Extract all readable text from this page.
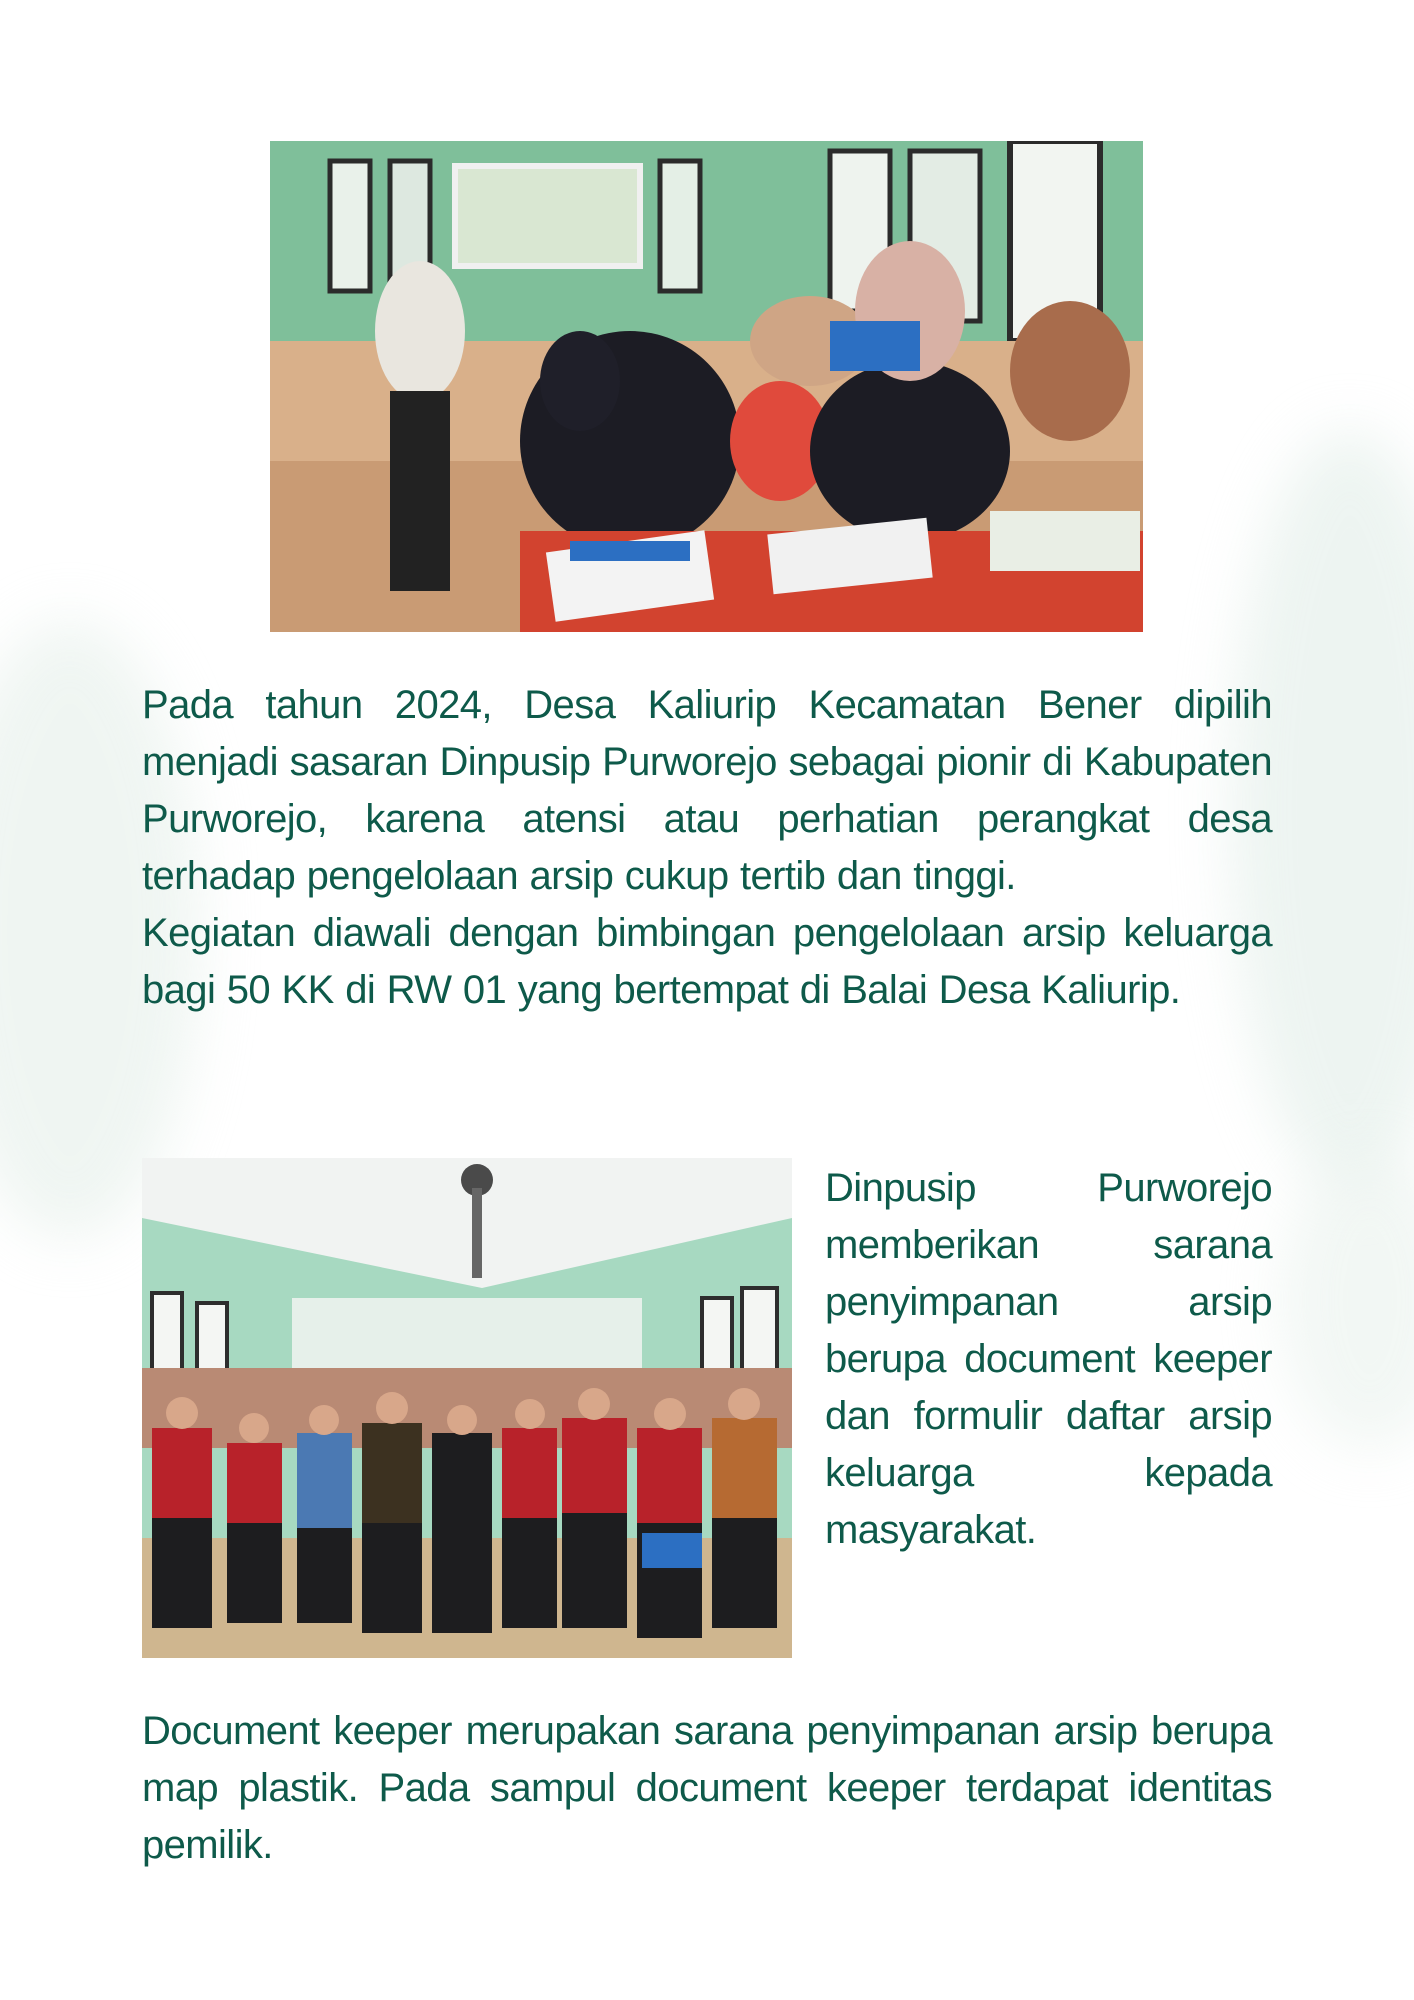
Pada tahun 2024, Desa Kaliurip Kecamatan Bener dipilih menjadi sasaran Dinpusip Purworejo sebagai pionir di Kabupaten Purworejo, karena atensi atau perhatian perangkat desa terhadap pengelolaan arsip cukup tertib dan tinggi.

Kegiatan diawali dengan bimbingan pengelolaan arsip keluarga bagi 50 KK di RW 01 yang bertempat di Balai Desa Kaliurip.

Dinpusip Purworejo memberikan sarana penyimpanan arsip berupa document keeper dan formulir daftar arsip keluarga kepada masyarakat.

Document keeper merupakan sarana penyimpanan arsip berupa map plastik. Pada sampul document keeper terdapat identitas pemilik.
